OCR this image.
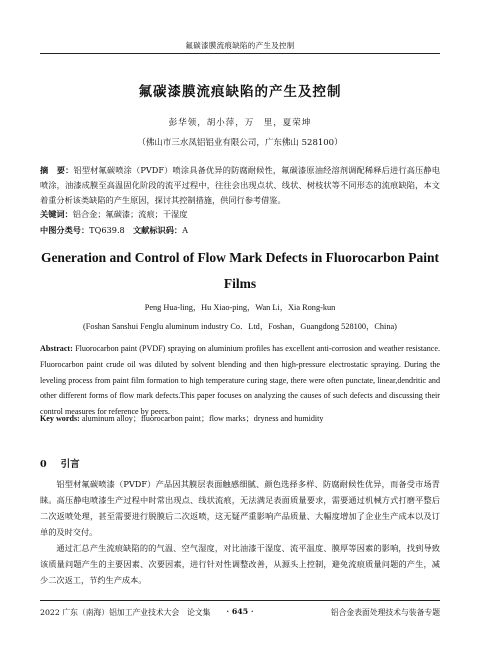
氟碳漆膜流痕缺陷的产生及控制
氟碳漆膜流痕缺陷的产生及控制
彭华领，胡小萍，万　里，夏荣坤
（佛山市三水凤铝铝业有限公司，广东佛山 528100）
摘　要：铝型材氟碳喷涂（PVDF）喷涂具备优异的防腐耐候性，氟碳漆原油经溶剂调配稀释后进行高压静电喷涂，油漆成膜至高温固化阶段的流平过程中，往往会出现点状、线状、树枝状等不同形态的流痕缺陷，本文着重分析该类缺陷的产生原因，探讨其控制措施，供同行参考借鉴。
关键词：铝合金；氟碳漆；流痕；干湿度
中图分类号：TQ639.8　 文献标识码：A
Generation and Control of Flow Mark Defects in Fluorocarbon Paint Films
Peng Hua-ling，Hu Xiao-ping，Wan Li，Xia Rong-kun
(Foshan Sanshui Fenglu aluminum industry Co．Ltd，Foshan，Guangdong 528100，China)
Abstract: Fluorocarbon paint (PVDF) spraying on aluminium profiles has excellent anti-corrosion and weather resistance. Fluorocarbon paint crude oil was diluted by solvent blending and then high-pressure electrostatic spraying. During the leveling process from paint film formation to high temperature curing stage, there were often punctate, linear,dendritic and other different forms of flow mark defects.This paper focuses on analyzing the causes of such defects and discussing their control measures for reference by peers.
Key words: aluminum alloy；fluorocarbon paint；flow marks；dryness and humidity
0 引言
铝型材氟碳喷漆（PVDF）产品因其膜层表面触感细腻、颜色选择多样、防腐耐候性优异，而备受市场青睐。高压静电喷漆生产过程中时常出现点、线状流痕，无法满足表面质量要求，需要通过机械方式打磨平整后二次返喷处理，甚至需要进行脱膜后二次返喷，这无疑严重影响产品质量、大幅度增加了企业生产成本以及订单的及时交付。
通过汇总产生流痕缺陷的的气温、空气湿度，对比油漆干湿度、流平温度、膜厚等因素的影响，找到导致该质量问题产生的主要因素、次要因素，进行针对性调整改善，从源头上控制，避免流痕质量问题的产生，减少二次返工，节约生产成本。
2022 广东（南海）铝加工产业技术大会　论文集	· 645 ·	铝合金表面处理技术与装备专题
